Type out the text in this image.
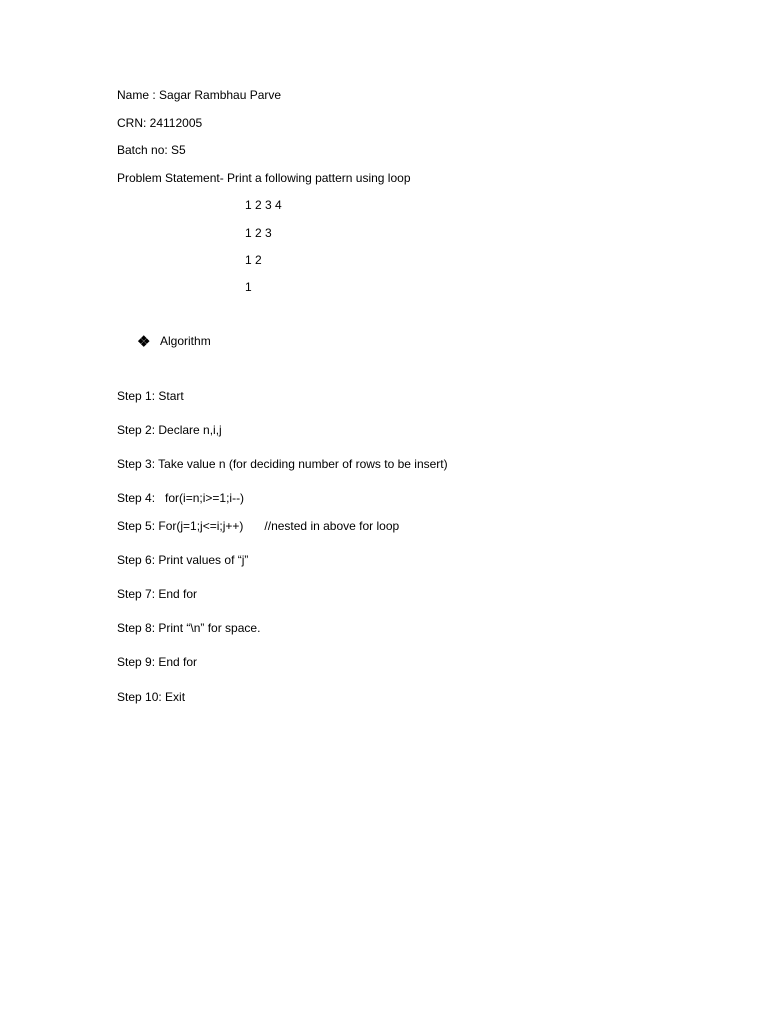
Name : Sagar Rambhau Parve
CRN: 24112005
Batch no: S5
Problem Statement- Print a following pattern using loop
1 2 3 4
1 2 3
1 2
1
Algorithm
Step 1: Start
Step 2: Declare n,i,j
Step 3: Take value n (for deciding number of rows to be insert)
Step 4:   for(i=n;i>=1;i--)
Step 5: For(j=1;j<=i;j++) //nested in above for loop
Step 6: Print values of “j”
Step 7: End for
Step 8: Print “\n” for space.
Step 9: End for
Step 10: Exit
